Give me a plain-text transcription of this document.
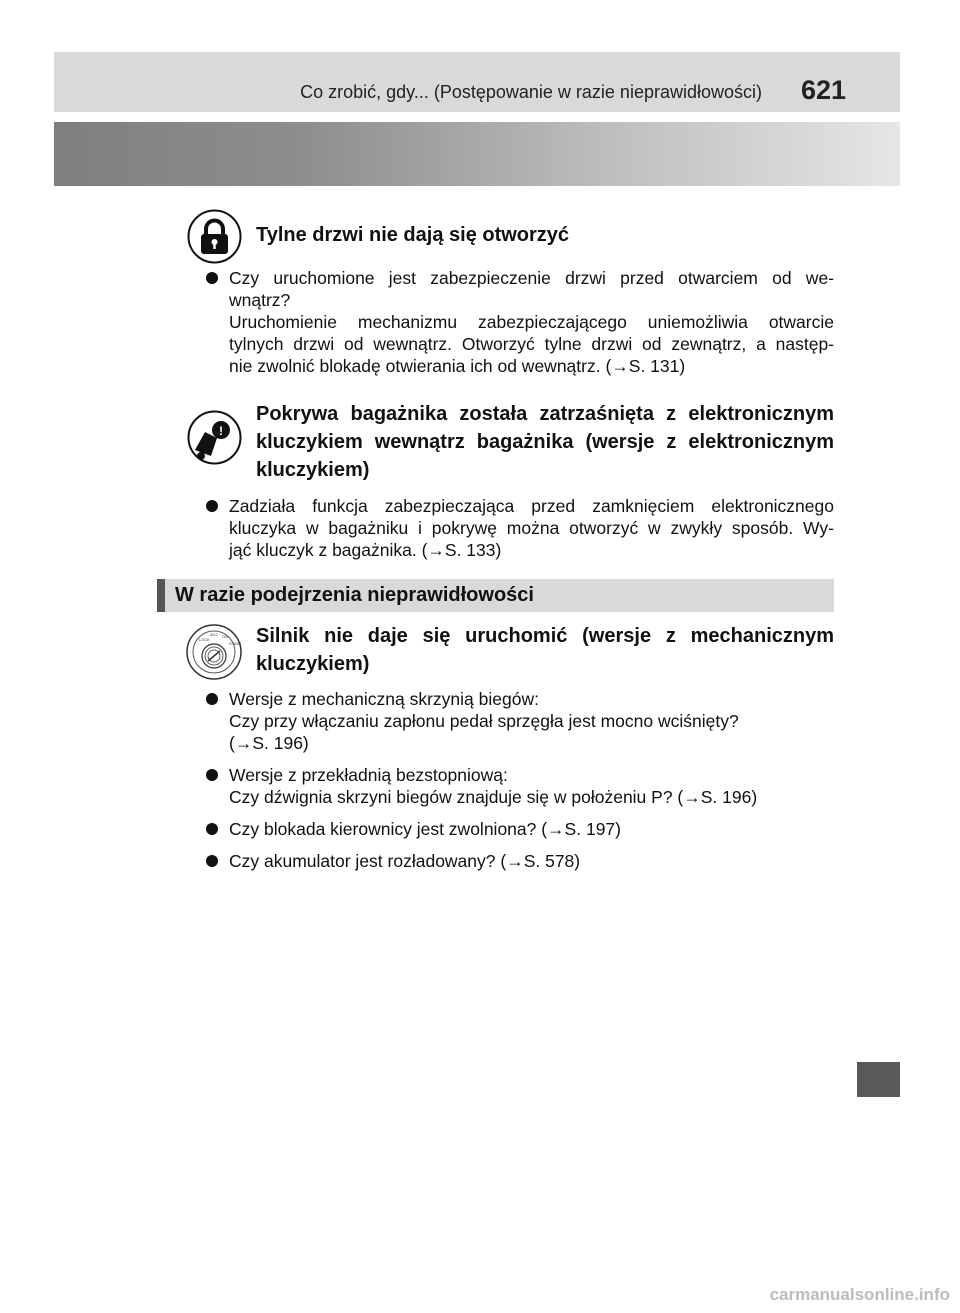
Co zrobić, gdy... (Postępowanie w razie nieprawidłowości) 621
Tylne drzwi nie dają się otworzyć
Czy uruchomione jest zabezpieczenie drzwi przed otwarciem od we-
wnątrz?
Uruchomienie mechanizmu zabezpieczającego uniemożliwia otwarcie
tylnych drzwi od wewnątrz. Otworzyć tylne drzwi od zewnątrz, a następ-
nie zwolnić blokadę otwierania ich od wewnątrz. (→S. 131)
!
Pokrywa bagażnika została zatrzaśnięta z elektronicznym kluczykiem wewnątrz bagażnika (wersje z elektronicznym kluczykiem)
Zadziała funkcja zabezpieczająca przed zamknięciem elektronicznego
kluczyka w bagażniku i pokrywę można otworzyć w zwykły sposób. Wy-
jąć kluczyk z bagażnika. (→S. 133)
W razie podejrzenia nieprawidłowości
LOCK
ACC ON
START Silnik nie daje się uruchomić (wersje z mechanicznym kluczykiem)
Wersje z mechaniczną skrzynią biegów:
Czy przy włączaniu zapłonu pedał sprzęgła jest mocno wciśnięty?
(→S. 196)
Wersje z przekładnią bezstopniową:
Czy dźwignia skrzyni biegów znajduje się w położeniu P? (→S. 196)
Czy blokada kierownicy jest zwolniona? (→S. 197)
Czy akumulator jest rozładowany? (→S. 578)
carmanualsonline.info
